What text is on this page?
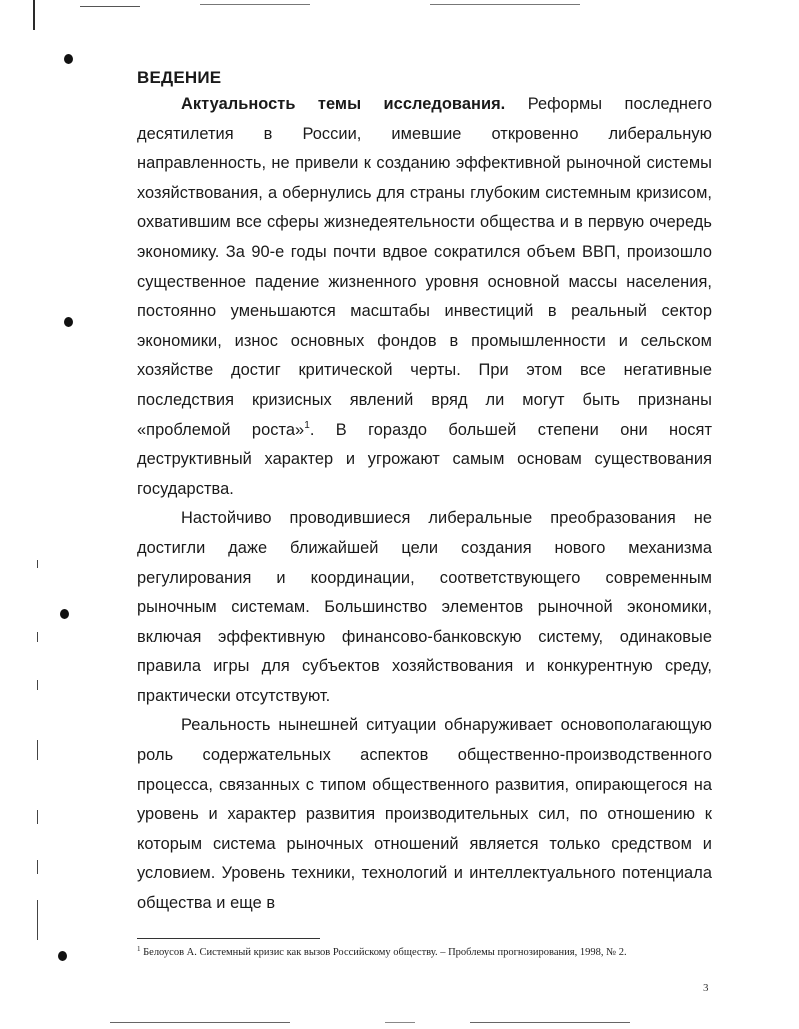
ВЕДЕНИЕ

Актуальность темы исследования. Реформы последнего десятилетия в России, имевшие откровенно либеральную направленность, не привели к созданию эффективной рыночной системы хозяйствования, а обернулись для страны глубоким системным кризисом, охватившим все сферы жизнедеятельности общества и в первую очередь экономику. За 90-е годы почти вдвое сократился объем ВВП, произошло существенное падение жизненного уровня основной массы населения, постоянно уменьшаются масштабы инвестиций в реальный сектор экономики, износ основных фондов в промышленности и сельском хозяйстве достиг критической черты. При этом все негативные последствия кризисных явлений вряд ли могут быть признаны «проблемой роста»$^1$. В гораздо большей степени они носят деструктивный характер и угрожают самым основам существования государства.

Настойчиво проводившиеся либеральные преобразования не достигли даже ближайшей цели создания нового механизма регулирования и координации, соответствующего современным рыночным системам. Большинство элементов рыночной экономики, включая эффективную финансово-банковскую систему, одинаковые правила игры для субъектов хозяйствования и конкурентную среду, практически отсутствуют.

Реальность нынешней ситуации обнаруживает основополагающую роль содержательных аспектов общественно-производственного процесса, связанных с типом общественного развития, опирающегося на уровень и характер развития производительных сил, по отношению к которым система рыночных отношений является только средством и условием. Уровень техники, технологий и интеллектуального потенциала общества и еще в

$^1$ Белоусов А. Системный кризис как вызов Российскому обществу. – Проблемы прогнозирования, 1998, № 2.
3
